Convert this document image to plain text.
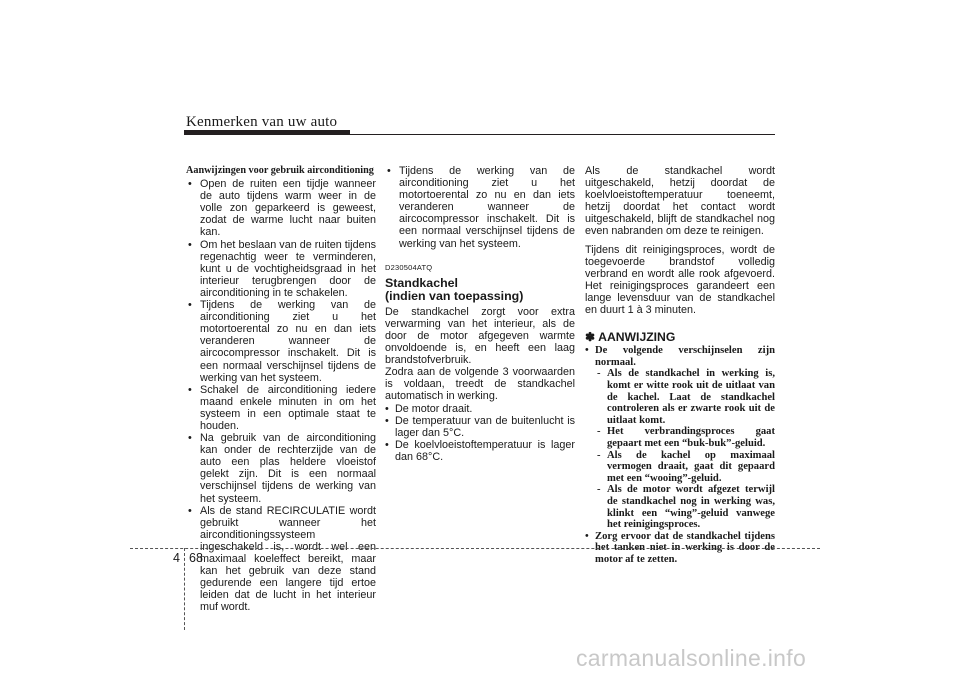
Kenmerken van uw auto
Aanwijzingen voor gebruik airconditioning
• Open de ruiten een tijdje wanneer de auto tijdens warm weer in de volle zon geparkeerd is geweest, zodat de warme lucht naar buiten kan.
• Om het beslaan van de ruiten tijdens regenachtig weer te verminderen, kunt u de vochtigheidsgraad in het interieur terugbrengen door de airconditioning in te schakelen.
• Tijdens de werking van de airconditioning ziet u het motortoerental zo nu en dan iets veranderen wanneer de aircocompressor inschakelt. Dit is een normaal verschijnsel tijdens de werking van het systeem.
• Schakel de airconditioning iedere maand enkele minuten in om het systeem in een optimale staat te houden.
• Na gebruik van de airconditioning kan onder de rechterzijde van de auto een plas heldere vloeistof gelekt zijn. Dit is een normaal verschijnsel tijdens de werking van het systeem.
• Als de stand RECIRCULATIE wordt gebruikt wanneer het airconditioningssysteem ingeschakeld is, wordt wel een maximaal koeleffect bereikt, maar kan het gebruik van deze stand gedurende een langere tijd ertoe leiden dat de lucht in het interieur muf wordt.
• Tijdens de werking van de airconditioning ziet u het motortoerental zo nu en dan iets veranderen wanneer de aircocompressor inschakelt. Dit is een normaal verschijnsel tijdens de werking van het systeem.
D230504ATQ
Standkachel
(indien van toepassing)

De standkachel zorgt voor extra verwarming van het interieur, als de door de motor afgegeven warmte onvoldoende is, en heeft een laag brandstofverbruik.

Zodra aan de volgende 3 voorwaarden is voldaan, treedt de standkachel automatisch in werking.

• De motor draait.
• De temperatuur van de buitenlucht is lager dan 5°C.
• De koelvloeistoftemperatuur is lager dan 68°C.

Als de standkachel wordt uitgeschakeld, hetzij doordat de koelvloeistoftemperatuur toeneemt, hetzij doordat het contact wordt uitgeschakeld, blijft de standkachel nog even nabranden om deze te reinigen.

Tijdens dit reinigingsproces, wordt de toegevoerde brandstof volledig verbrand en wordt alle rook afgevoerd. Het reinigingsproces garandeert een lange levensduur van de standkachel en duurt 1 à 3 minuten.

✽ AANWIJZING
• De volgende verschijnselen zijn normaal.
- Als de standkachel in werking is, komt er witte rook uit de uitlaat van de kachel. Laat de standkachel controleren als er zwarte rook uit de uitlaat komt.
- Het verbrandingsproces gaat gepaart met een “buk-buk”-geluid.
- Als de kachel op maximaal vermogen draait, gaat dit gepaard met een “wooing”-geluid.
- Als de motor wordt afgezet terwijl de standkachel nog in werking was, klinkt een “wing”-geluid vanwege het reinigingsproces.
• Zorg ervoor dat de standkachel tijdens het tanken niet in werking is door de motor af te zetten.
4 68
carmanualsonline.info
